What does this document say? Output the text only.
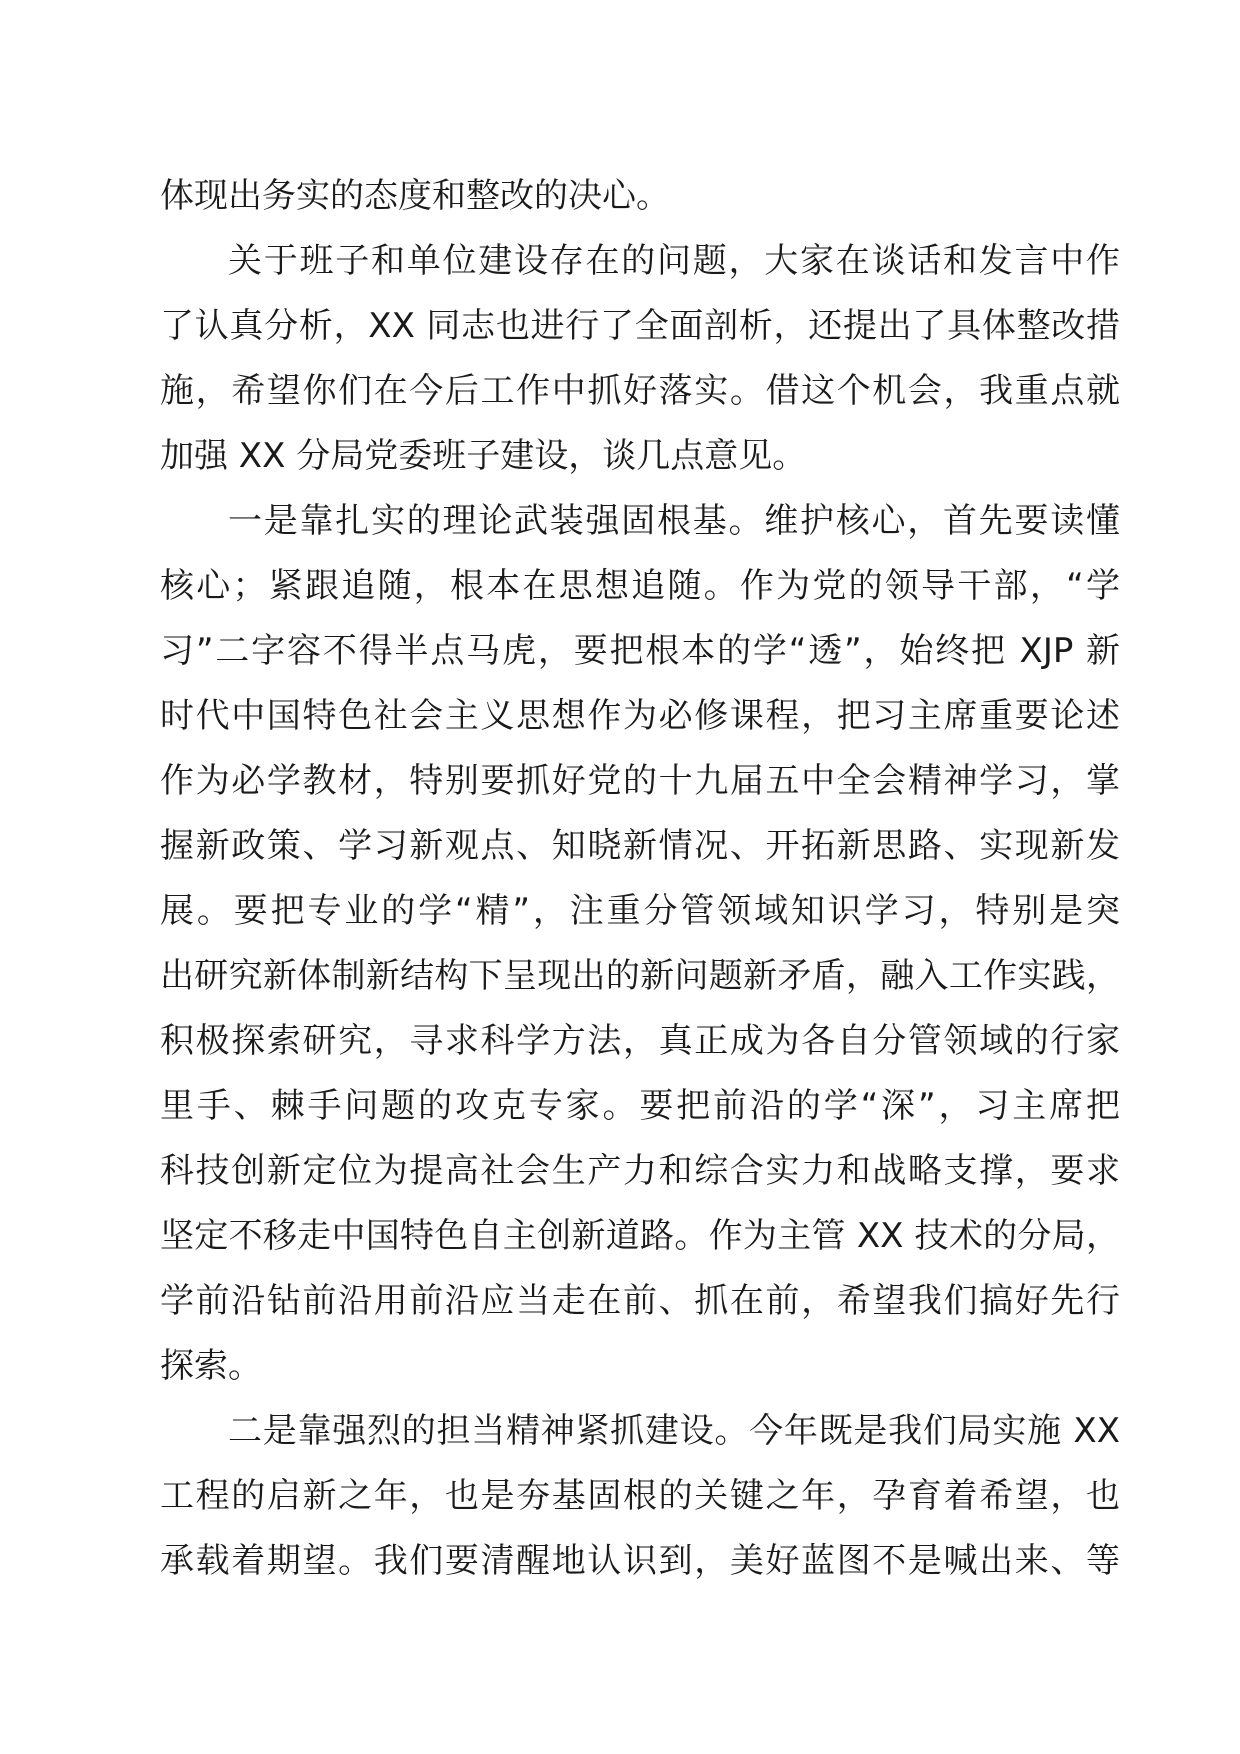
体现出务实的态度和整改的决心。
关于班子和单位建设存在的问题，大家在谈话和发言中作
了认真分析，XX 同志也进行了全面剖析，还提出了具体整改措
施，希望你们在今后工作中抓好落实。借这个机会，我重点就
加强 XX 分局党委班子建设，谈几点意见。
一是靠扎实的理论武装强固根基。维护核心，首先要读懂
核心；紧跟追随，根本在思想追随。作为党的领导干部，“学
习”二字容不得半点马虎，要把根本的学“透”，始终把 XJP 新
时代中国特色社会主义思想作为必修课程，把习主席重要论述
作为必学教材，特别要抓好党的十九届五中全会精神学习，掌
握新政策、学习新观点、知晓新情况、开拓新思路、实现新发
展。要把专业的学“精”，注重分管领域知识学习，特别是突
出研究新体制新结构下呈现出的新问题新矛盾，融入工作实践，
积极探索研究，寻求科学方法，真正成为各自分管领域的行家
里手、棘手问题的攻克专家。要把前沿的学“深”，习主席把
科技创新定位为提高社会生产力和综合实力和战略支撑，要求
坚定不移走中国特色自主创新道路。作为主管 XX 技术的分局，
学前沿钻前沿用前沿应当走在前、抓在前，希望我们搞好先行
探索。
二是靠强烈的担当精神紧抓建设。今年既是我们局实施 XX
工程的启新之年，也是夯基固根的关键之年，孕育着希望，也
承载着期望。我们要清醒地认识到，美好蓝图不是喊出来、等
